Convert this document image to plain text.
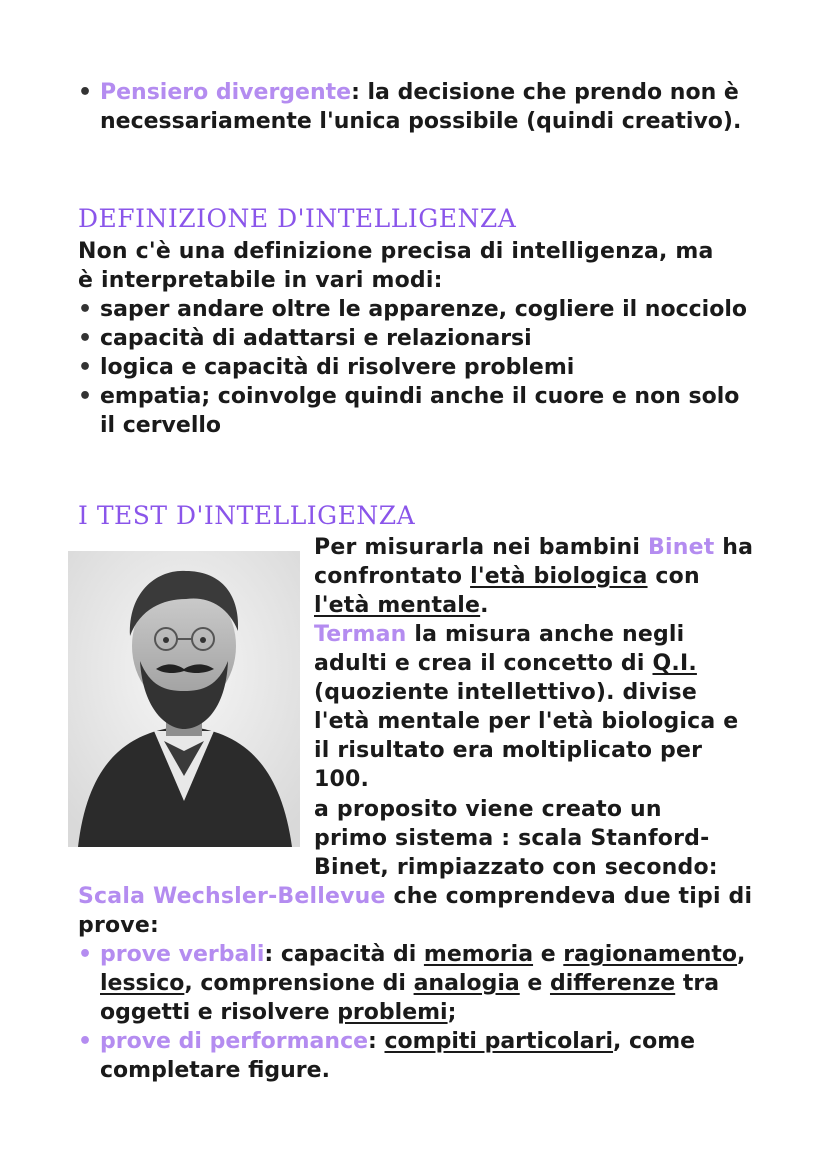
• Pensiero divergente: la decisione che prendo non è necessariamente l'unica possibile (quindi creativo).
DEFINIZIONE D'INTELLIGENZA
Non c'è una definizione precisa di intelligenza, ma è interpretabile in vari modi:
• saper andare oltre le apparenze, cogliere il nocciolo
• capacità di adattarsi e relazionarsi
• logica e capacità di risolvere problemi
• empatia; coinvolge quindi anche il cuore e non solo il cervello
I TEST D'INTELLIGENZA
Per misurarla nei bambini Binet ha confrontato l'età biologica con l'età mentale.
Terman la misura anche negli adulti e crea il concetto di Q.I. (quoziente intellettivo). divise l'età mentale per l'età biologica e il risultato era moltiplicato per 100.
a proposito viene creato un primo sistema : scala Stanford-Binet, rimpiazzato con secondo:
Scala Wechsler-Bellevue che comprendeva due tipi di prove:
• prove verbali: capacità di memoria e ragionamento, lessico, comprensione di analogia e differenze tra oggetti e risolvere problemi;
• prove di performance: compiti particolari, come completare figure.
